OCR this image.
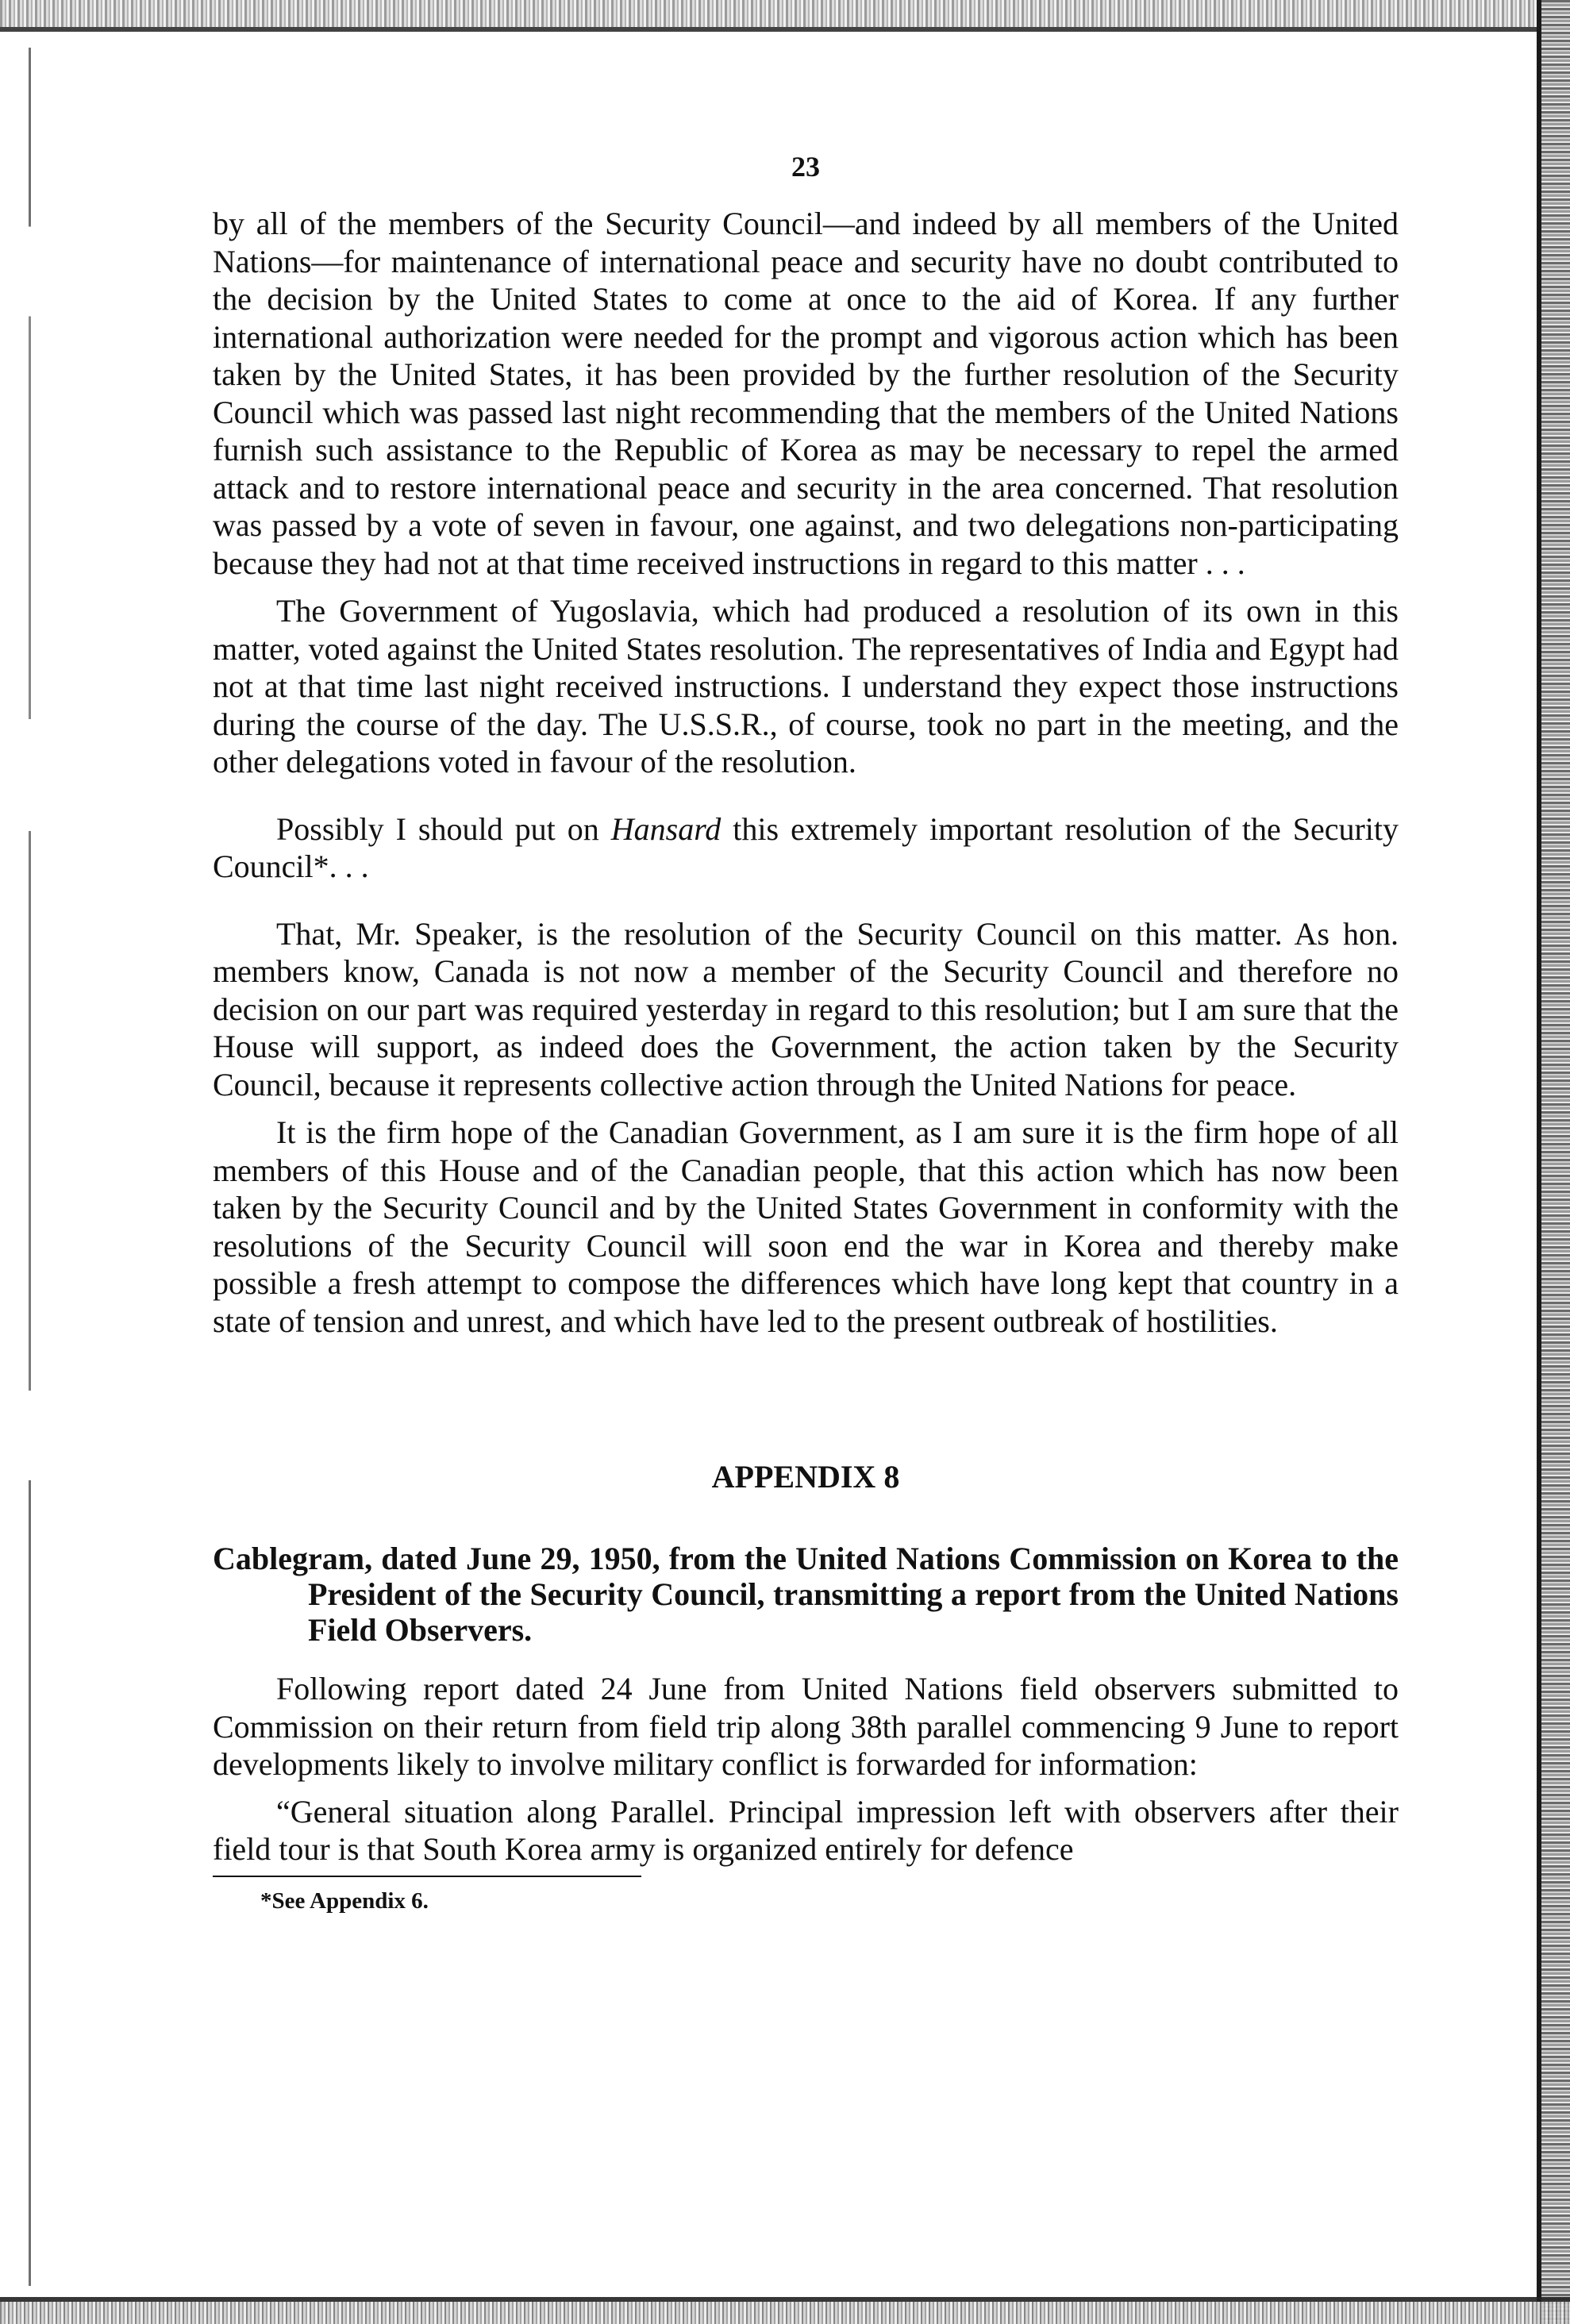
23

by all of the members of the Security Council—and indeed by all members of the United Nations—for maintenance of international peace and security have no doubt contributed to the decision by the United States to come at once to the aid of Korea. If any further international authorization were needed for the prompt and vigorous action which has been taken by the United States, it has been provided by the further resolution of the Security Council which was passed last night recommending that the members of the United Nations furnish such assistance to the Republic of Korea as may be necessary to repel the armed attack and to restore international peace and security in the area concerned. That resolution was passed by a vote of seven in favour, one against, and two delegations non-participating because they had not at that time received instructions in regard to this matter . . .

The Government of Yugoslavia, which had produced a resolution of its own in this matter, voted against the United States resolution. The representatives of India and Egypt had not at that time last night received instructions. I understand they expect those instructions during the course of the day. The U.S.S.R., of course, took no part in the meeting, and the other delegations voted in favour of the resolution.

Possibly I should put on Hansard this extremely important resolution of the Security Council*. . .

That, Mr. Speaker, is the resolution of the Security Council on this matter. As hon. members know, Canada is not now a member of the Security Council and therefore no decision on our part was required yesterday in regard to this resolution; but I am sure that the House will support, as indeed does the Government, the action taken by the Security Council, because it represents collective action through the United Nations for peace.

It is the firm hope of the Canadian Government, as I am sure it is the firm hope of all members of this House and of the Canadian people, that this action which has now been taken by the Security Council and by the United States Government in conformity with the resolutions of the Security Council will soon end the war in Korea and thereby make possible a fresh attempt to compose the differences which have long kept that country in a state of tension and unrest, and which have led to the present outbreak of hostilities.

APPENDIX 8

Cablegram, dated June 29, 1950, from the United Nations Commission on Korea to the President of the Security Council, transmitting a report from the United Nations Field Observers.

Following report dated 24 June from United Nations field observers submitted to Commission on their return from field trip along 38th parallel commencing 9 June to report developments likely to involve military conflict is forwarded for information:

“General situation along Parallel. Principal impression left with observers after their field tour is that South Korea army is organized entirely for defence

*See Appendix 6.
